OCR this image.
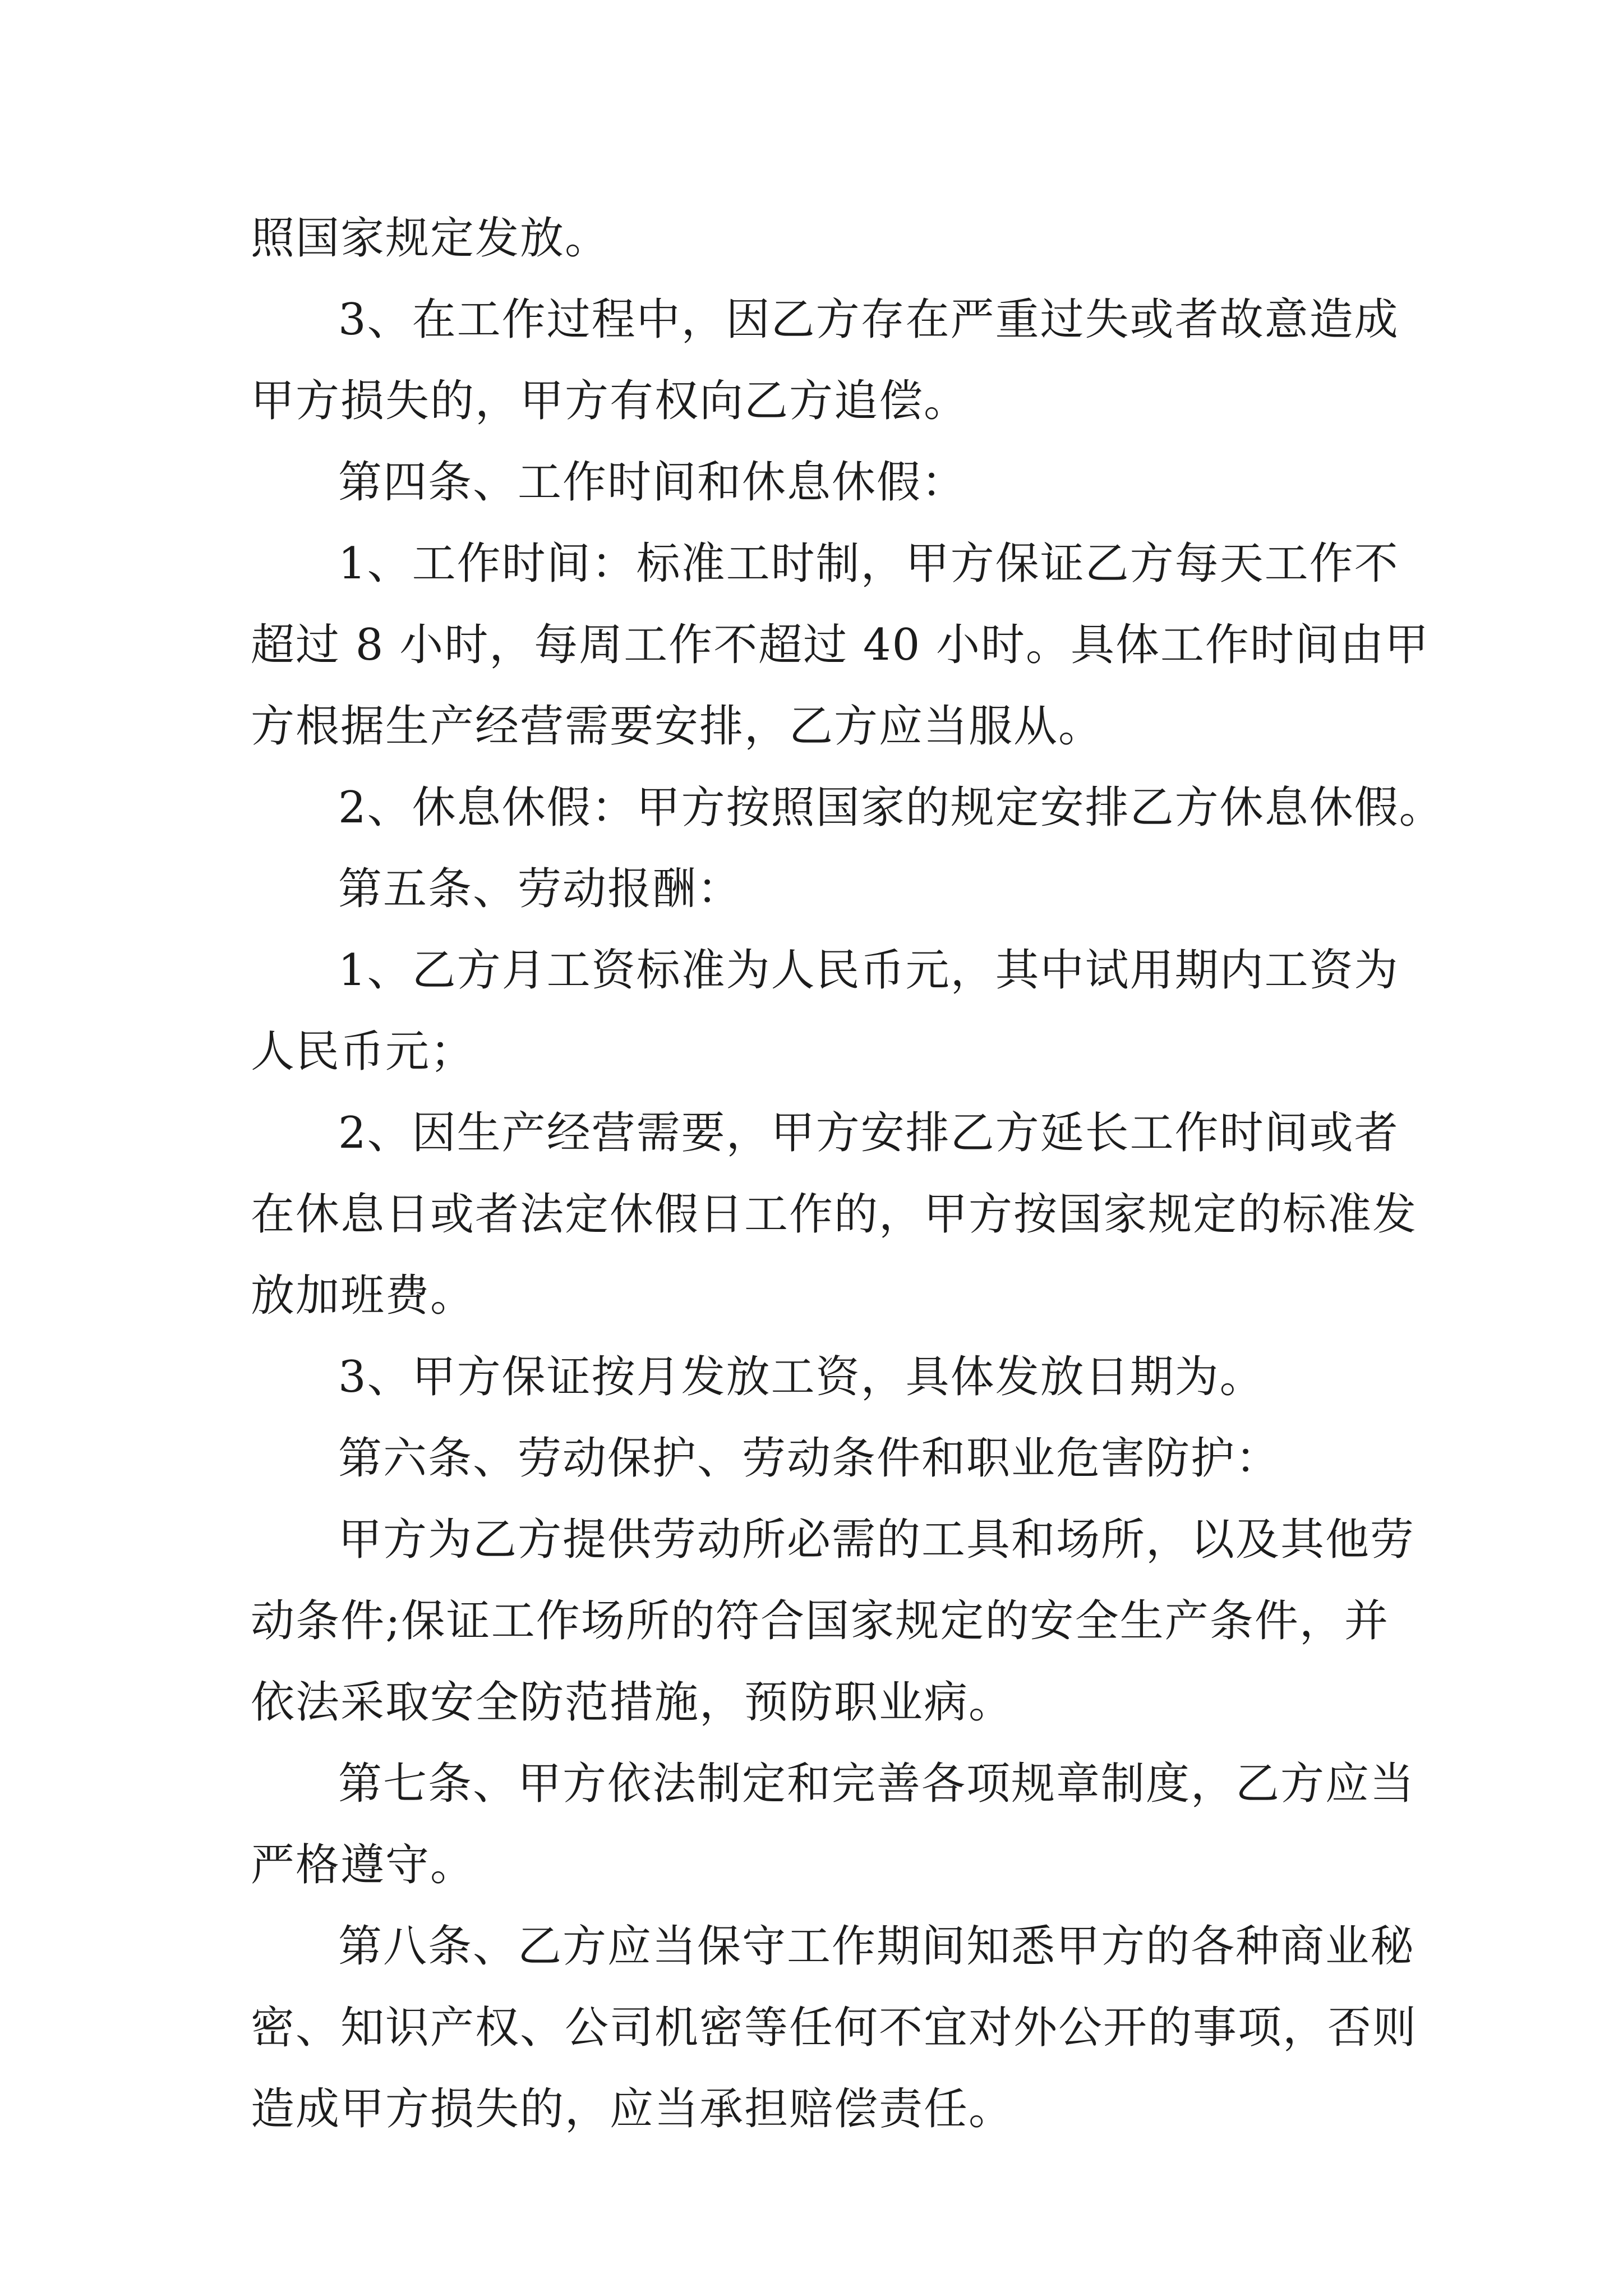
照国家规定发放。
3、在工作过程中，因乙方存在严重过失或者故意造成
甲方损失的，甲方有权向乙方追偿。
第四条、工作时间和休息休假：
1、工作时间：标准工时制，甲方保证乙方每天工作不
超过 8 小时，每周工作不超过 40 小时。具体工作时间由甲
方根据生产经营需要安排，乙方应当服从。
2、休息休假：甲方按照国家的规定安排乙方休息休假。
第五条、劳动报酬：
1、乙方月工资标准为人民币元，其中试用期内工资为
人民币元；
2、因生产经营需要，甲方安排乙方延长工作时间或者
在休息日或者法定休假日工作的，甲方按国家规定的标准发
放加班费。
3、甲方保证按月发放工资，具体发放日期为。
第六条、劳动保护、劳动条件和职业危害防护：
甲方为乙方提供劳动所必需的工具和场所，以及其他劳
动条件;保证工作场所的符合国家规定的安全生产条件，并
依法采取安全防范措施，预防职业病。
第七条、甲方依法制定和完善各项规章制度，乙方应当
严格遵守。
第八条、乙方应当保守工作期间知悉甲方的各种商业秘
密、知识产权、公司机密等任何不宜对外公开的事项，否则
造成甲方损失的，应当承担赔偿责任。
